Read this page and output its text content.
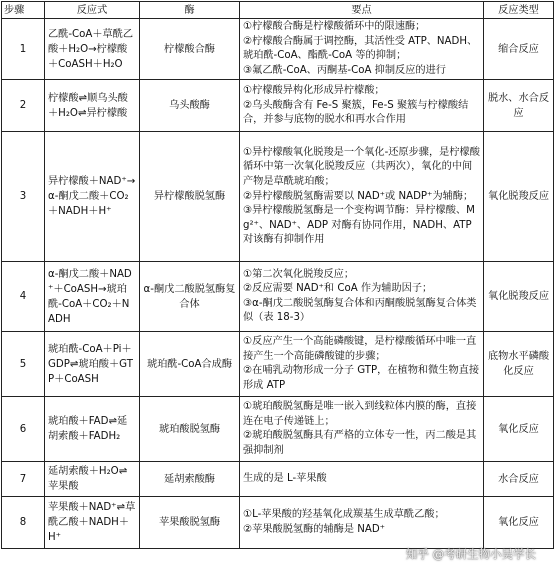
步骤	反应式	酶	要点	反应类型
1	乙酰-CoA＋草酰乙酸＋H₂O→柠檬酸＋CoASH＋H₂O	柠檬酸合酶	①柠檬酸合酶是柠檬酸循环中的限速酶；
②柠檬酸合酶属于调控酶，其活性受 ATP、NADH、琥珀酰-CoA、酯酰-CoA 等的抑制；
③氟乙酰-CoA、丙酮基-CoA 抑制反应的进行	缩合反应
2	柠檬酸⇌顺乌头酸＋H₂O⇌异柠檬酸	乌头酸酶	①柠檬酸异构化形成异柠檬酸；
②乌头酸酶含有 Fe-S 聚簇，Fe-S 聚簇与柠檬酸结合，并参与底物的脱水和再水合作用	脱水、水合反应
3	异柠檬酸＋NAD⁺→α-酮戊二酸＋CO₂＋NADH＋H⁺	异柠檬酸脱氢酶	①异柠檬酸氧化脱羧是一个氧化-还原步骤，是柠檬酸循环中第一次氧化脱羧反应（共两次），氧化的中间产物是草酰琥珀酸；
②异柠檬酸脱氢酶需要以 NAD⁺或 NADP⁺为辅酶；
③异柠檬酸脱氢酶是一个变构调节酶：异柠檬酸、Mg²⁺、NAD⁺、ADP 对酶有协同作用，NADH、ATP 对该酶有抑制作用	氧化脱羧反应
4	α-酮戊二酸＋NAD⁺＋CoASH→琥珀酰-CoA＋CO₂＋NADH	α-酮戊二酸脱氢酶复合体	①第二次氧化脱羧反应；
②反应需要 NAD⁺和 CoA 作为辅助因子；
③α-酮戊二酸脱氢酶复合体和丙酮酸脱氢酶复合体类似（表 18-3）	氧化脱羧反应
5	琥珀酰-CoA＋Pi＋GDP⇌琥珀酸＋GTP＋CoASH	琥珀酰-CoA合成酶	①反应产生一个高能磷酸键，是柠檬酸循环中唯一直接产生一个高能磷酸键的步骤；
②在哺乳动物形成一分子 GTP，在植物和微生物直接形成 ATP	底物水平磷酸化反应
6	琥珀酸＋FAD⇌延胡索酸＋FADH₂	琥珀酸脱氢酶	①琥珀酸脱氢酶是唯一嵌入到线粒体内膜的酶，直接连在电子传递链上；
②琥珀酸脱氢酶具有严格的立体专一性，丙二酸是其强抑制剂	氧化反应
7	延胡索酸＋H₂O⇌苹果酸	延胡索酸酶	生成的是 L-苹果酸	水合反应
8	苹果酸＋NAD⁺⇌草酰乙酸＋NADH＋H⁺	苹果酸脱氢酶	①L-苹果酸的羟基氧化成羰基生成草酰乙酸；
②苹果酸脱氢酶的辅酶是 NAD⁺	氧化反应
知乎 @考研生物小吴学长
